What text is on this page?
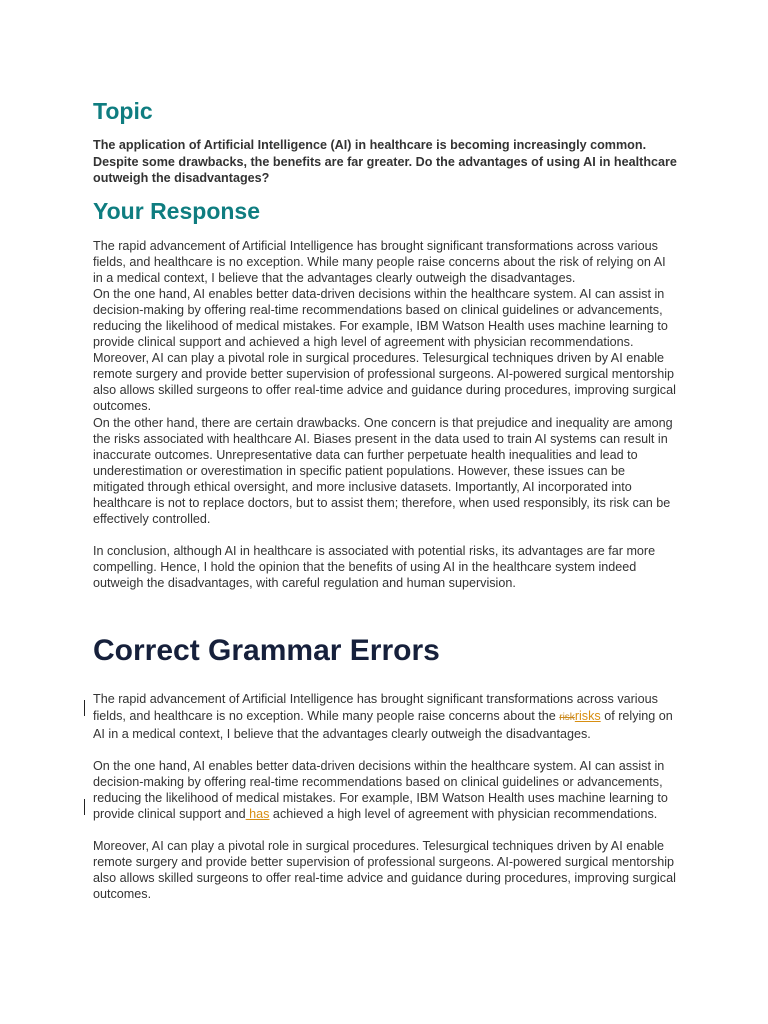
Topic

The application of Artificial Intelligence (AI) in healthcare is becoming increasingly common. Despite some drawbacks, the benefits are far greater. Do the advantages of using AI in healthcare outweigh the disadvantages?

Your Response

The rapid advancement of Artificial Intelligence has brought significant transformations across various fields, and healthcare is no exception. While many people raise concerns about the risk of relying on AI in a medical context, I believe that the advantages clearly outweigh the disadvantages.

On the one hand, AI enables better data-driven decisions within the healthcare system. AI can assist in decision-making by offering real-time recommendations based on clinical guidelines or advancements, reducing the likelihood of medical mistakes. For example, IBM Watson Health uses machine learning to provide clinical support and achieved a high level of agreement with physician recommendations.

Moreover, AI can play a pivotal role in surgical procedures. Telesurgical techniques driven by AI enable remote surgery and provide better supervision of professional surgeons. AI-powered surgical mentorship also allows skilled surgeons to offer real-time advice and guidance during procedures, improving surgical outcomes.

On the other hand, there are certain drawbacks. One concern is that prejudice and inequality are among the risks associated with healthcare AI. Biases present in the data used to train AI systems can result in inaccurate outcomes. Unrepresentative data can further perpetuate health inequalities and lead to underestimation or overestimation in specific patient populations. However, these issues can be mitigated through ethical oversight, and more inclusive datasets. Importantly, AI incorporated into healthcare is not to replace doctors, but to assist them; therefore, when used responsibly, its risk can be effectively controlled.

In conclusion, although AI in healthcare is associated with potential risks, its advantages are far more compelling. Hence, I hold the opinion that the benefits of using AI in the healthcare system indeed outweigh the disadvantages, with careful regulation and human supervision.

Correct Grammar Errors

The rapid advancement of Artificial Intelligence has brought significant transformations across various fields, and healthcare is no exception. While many people raise concerns about the riskrisks of relying on AI in a medical context, I believe that the advantages clearly outweigh the disadvantages.

On the one hand, AI enables better data-driven decisions within the healthcare system. AI can assist in decision-making by offering real-time recommendations based on clinical guidelines or advancements, reducing the likelihood of medical mistakes. For example, IBM Watson Health uses machine learning to provide clinical support and has achieved a high level of agreement with physician recommendations.

Moreover, AI can play a pivotal role in surgical procedures. Telesurgical techniques driven by AI enable remote surgery and provide better supervision of professional surgeons. AI-powered surgical mentorship also allows skilled surgeons to offer real-time advice and guidance during procedures, improving surgical outcomes.
